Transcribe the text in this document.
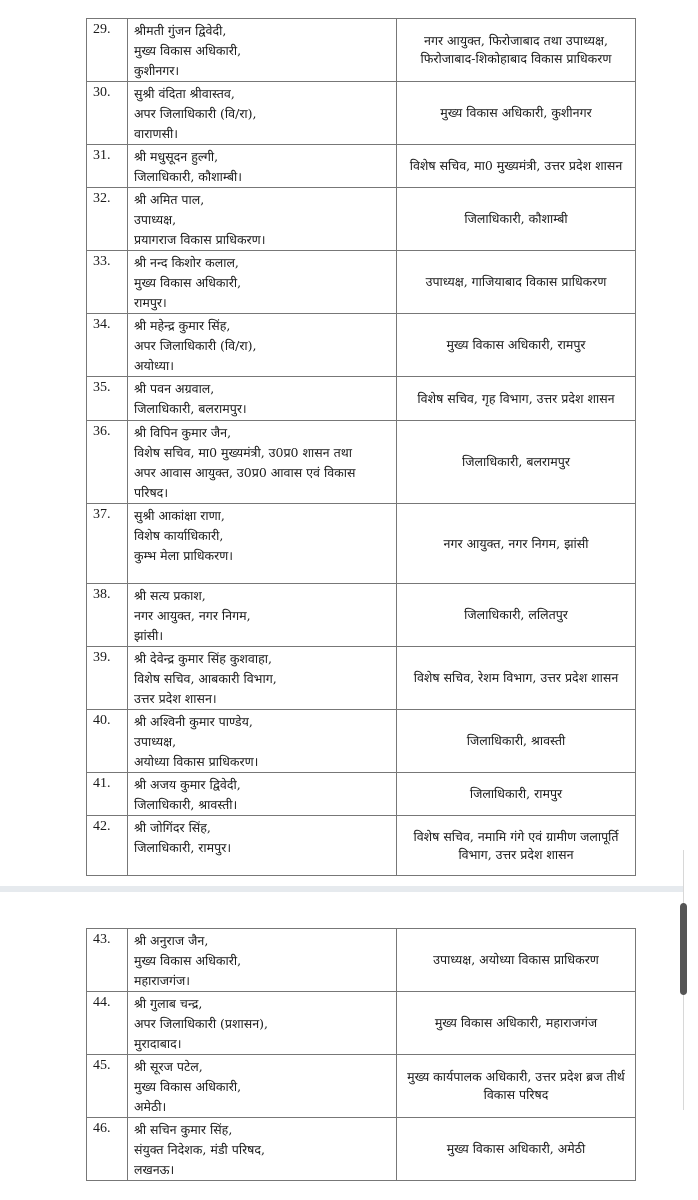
29.	श्रीमती गुंजन द्विवेदी,
मुख्य विकास अधिकारी,
कुशीनगर।	नगर आयुक्त, फिरोजाबाद तथा उपाध्यक्ष,
फिरोजाबाद-शिकोहाबाद विकास प्राधिकरण

30.	सुश्री वंदिता श्रीवास्तव,
अपर जिलाधिकारी (वि/रा),
वाराणसी।	मुख्य विकास अधिकारी, कुशीनगर

31.	श्री मधुसूदन हुल्गी,
जिलाधिकारी, कौशाम्बी।	विशेष सचिव, मा0 मुख्यमंत्री, उत्तर प्रदेश शासन

32.	श्री अमित पाल,
उपाध्यक्ष,
प्रयागराज विकास प्राधिकरण।	जिलाधिकारी, कौशाम्बी

33.	श्री नन्द किशोर कलाल,
मुख्य विकास अधिकारी,
रामपुर।	उपाध्यक्ष, गाजियाबाद विकास प्राधिकरण

34.	श्री महेन्द्र कुमार सिंह,
अपर जिलाधिकारी (वि/रा),
अयोध्या।	मुख्य विकास अधिकारी, रामपुर

35.	श्री पवन अग्रवाल,
जिलाधिकारी, बलरामपुर।	विशेष सचिव, गृह विभाग, उत्तर प्रदेश शासन

36.	श्री विपिन कुमार जैन,
विशेष सचिव, मा0 मुख्यमंत्री, उ0प्र0 शासन तथा
अपर आवास आयुक्त, उ0प्र0 आवास एवं विकास
परिषद।	जिलाधिकारी, बलरामपुर

37.	सुश्री आकांक्षा राणा,
विशेष कार्याधिकारी,
कुम्भ मेला प्राधिकरण।	नगर आयुक्त, नगर निगम, झांसी

38.	श्री सत्य प्रकाश,
नगर आयुक्त, नगर निगम,
झांसी।	जिलाधिकारी, ललितपुर

39.	श्री देवेन्द्र कुमार सिंह कुशवाहा,
विशेष सचिव, आबकारी विभाग,
उत्तर प्रदेश शासन।	विशेष सचिव, रेशम विभाग, उत्तर प्रदेश शासन

40.	श्री अश्विनी कुमार पाण्डेय,
उपाध्यक्ष,
अयोध्या विकास प्राधिकरण।	जिलाधिकारी, श्रावस्ती

41.	श्री अजय कुमार द्विवेदी,
जिलाधिकारी, श्रावस्ती।	जिलाधिकारी, रामपुर

42.	श्री जोगिंदर सिंह,
जिलाधिकारी, रामपुर।	विशेष सचिव, नमामि गंगे एवं ग्रामीण जलापूर्ति
विभाग, उत्तर प्रदेश शासन
43.	श्री अनुराज जैन,
मुख्य विकास अधिकारी,
महाराजगंज।	उपाध्यक्ष, अयोध्या विकास प्राधिकरण

44.	श्री गुलाब चन्द्र,
अपर जिलाधिकारी (प्रशासन),
मुरादाबाद।	मुख्य विकास अधिकारी, महाराजगंज

45.	श्री सूरज पटेल,
मुख्य विकास अधिकारी,
अमेठी।	मुख्य कार्यपालक अधिकारी, उत्तर प्रदेश ब्रज तीर्थ
विकास परिषद

46.	श्री सचिन कुमार सिंह,
संयुक्त निदेशक, मंडी परिषद,
लखनऊ।	मुख्य विकास अधिकारी, अमेठी
